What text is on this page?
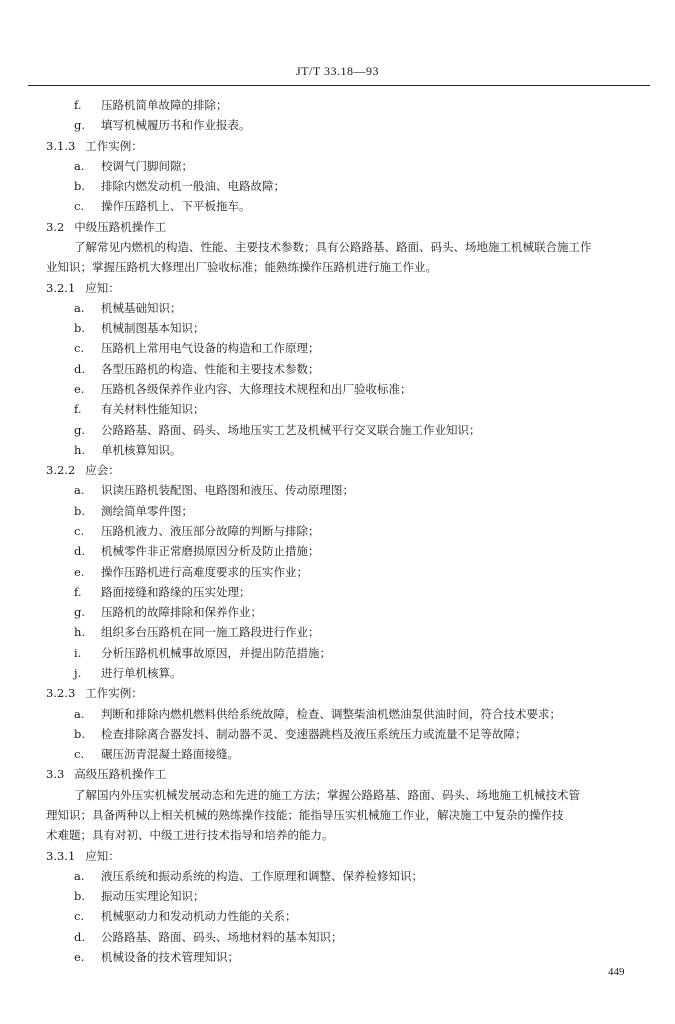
JT/T 33.18—93
f. 压路机简单故障的排除；
g. 填写机械履历书和作业报表。
3.1.3 工作实例：
a. 校调气门脚间隙；
b. 排除内燃发动机一般油、电路故障；
c. 操作压路机上、下平板拖车。
3.2 中级压路机操作工
了解常见内燃机的构造、性能、主要技术参数；具有公路路基、路面、码头、场地施工机械联合施工作
业知识；掌握压路机大修理出厂验收标准；能熟练操作压路机进行施工作业。
3.2.1 应知：
a. 机械基础知识；
b. 机械制图基本知识；
c. 压路机上常用电气设备的构造和工作原理；
d. 各型压路机的构造、性能和主要技术参数；
e. 压路机各级保养作业内容、大修理技术规程和出厂验收标准；
f. 有关材料性能知识；
g. 公路路基、路面、码头、场地压实工艺及机械平行交叉联合施工作业知识；
h. 单机核算知识。
3.2.2 应会：
a. 识读压路机装配图、电路图和液压、传动原理图；
b. 测绘简单零件图；
c. 压路机液力、液压部分故障的判断与排除；
d. 机械零件非正常磨损原因分析及防止措施；
e. 操作压路机进行高难度要求的压实作业；
f. 路面接缝和路缘的压实处理；
g. 压路机的故障排除和保养作业；
h. 组织多台压路机在同一施工路段进行作业；
i. 分析压路机机械事故原因，并提出防范措施；
j. 进行单机核算。
3.2.3 工作实例：
a. 判断和排除内燃机燃料供给系统故障，检查、调整柴油机燃油泵供油时间，符合技术要求；
b. 检查排除离合器发抖、制动器不灵、变速器跳档及液压系统压力或流量不足等故障；
c. 碾压沥青混凝土路面接缝。
3.3 高级压路机操作工
了解国内外压实机械发展动态和先进的施工方法；掌握公路路基、路面、码头、场地施工机械技术管
理知识；具备两种以上相关机械的熟练操作技能；能指导压实机械施工作业，解决施工中复杂的操作技
术难题；具有对初、中级工进行技术指导和培养的能力。
3.3.1 应知：
a. 液压系统和振动系统的构造、工作原理和调整、保养检修知识；
b. 振动压实理论知识；
c. 机械驱动力和发动机动力性能的关系；
d. 公路路基、路面、码头、场地材料的基本知识；
e. 机械设备的技术管理知识；
449
